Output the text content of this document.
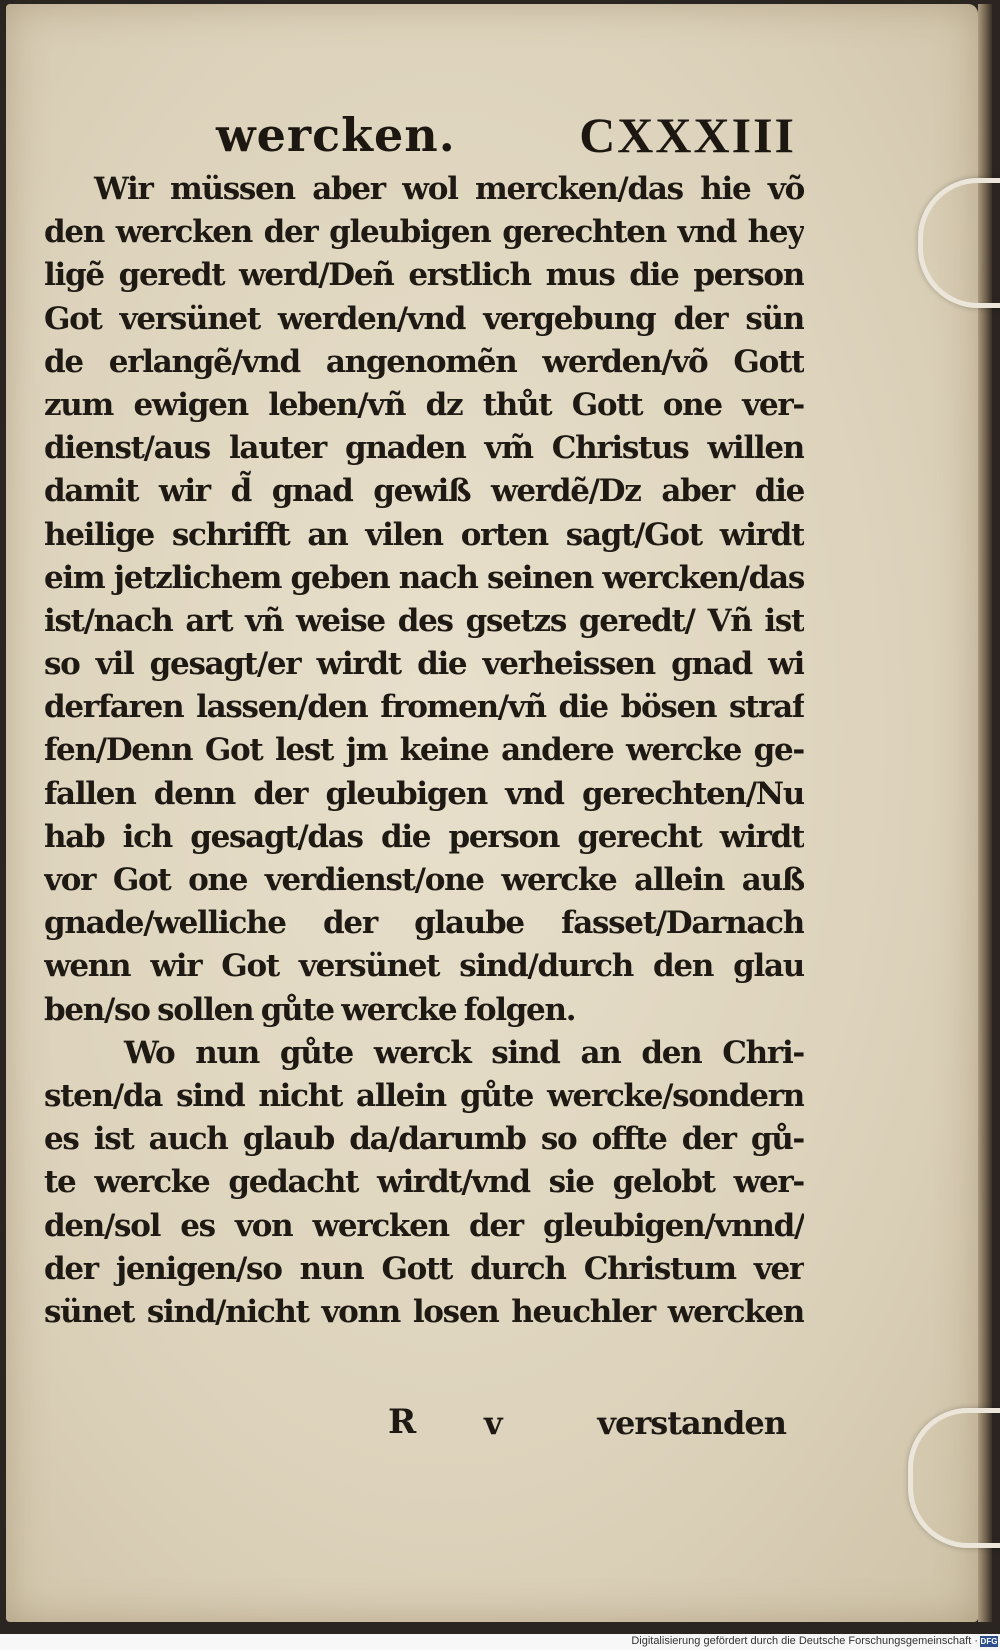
wercken. CXXXIII
Wir müssen aber wol mercken/das hie võ
den wercken der gleubigen gerechten vnd hey
ligẽ geredt werd/Deñ erstlich mus die person
Got versünet werden/vnd vergebung der sün
de erlangẽ/vnd angenomẽn werden/võ Gott
zum ewigen leben/vñ dz thůt Gott one ver-
dienst/aus lauter gnaden vm̃ Christus willen
damit wir d̃ gnad gewiß werdẽ/Dz aber die
heilige schrifft an vilen orten sagt/Got wirdt
eim jetzlichem geben nach seinen wercken/das
ist/nach art vñ weise des gsetzs geredt/ Vñ ist
so vil gesagt/er wirdt die verheissen gnad wi
derfaren lassen/den fromen/vñ die bösen straf
fen/Denn Got lest jm keine andere wercke ge-
fallen denn der gleubigen vnd gerechten/Nu
hab ich gesagt/das die person gerecht wirdt
vor Got one verdienst/one wercke allein auß
gnade/welliche der glaube fasset/Darnach
wenn wir Got versünet sind/durch den glau
ben/so sollen gůte wercke folgen.
Wo nun gůte werck sind an den Chri-
sten/da sind nicht allein gůte wercke/sondern
es ist auch glaub da/darumb so offte der gů-
te wercke gedacht wirdt/vnd sie gelobt wer-
den/sol es von wercken der gleubigen/vnnd/
der jenigen/so nun Gott durch Christum ver
sünet sind/nicht vonn losen heuchler wercken
R v	verstanden
Digitalisierung gefördert durch die Deutsche Forschungsgemeinschaft · DFG
